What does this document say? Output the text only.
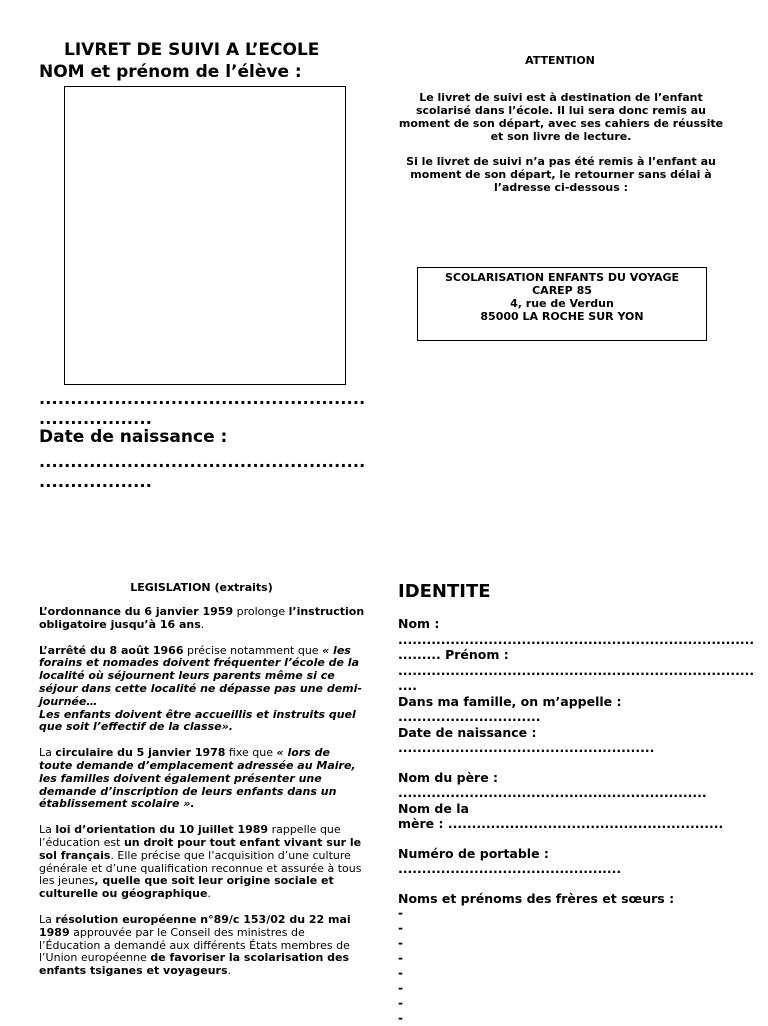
LIVRET DE SUIVI A L’ECOLE
NOM et prénom de l’élève :
....................................................
..................
Date de naissance :
....................................................
..................
ATTENTION
Le livret de suivi est à destination de l’enfant scolarisé dans l’école. Il lui sera donc remis au moment de son départ, avec ses cahiers de réussite et son livre de lecture.
Si le livret de suivi n’a pas été remis à l’enfant au moment de son départ, le retourner sans délai à l’adresse ci-dessous :
SCOLARISATION ENFANTS DU VOYAGE
CAREP 85
4, rue de Verdun
85000 LA ROCHE SUR YON
LEGISLATION (extraits)

L’ordonnance du 6 janvier 1959 prolonge l’instruction obligatoire jusqu’à 16 ans.

L’arrêté du 8 août 1966 précise notamment que « les forains et nomades doivent fréquenter l’école de la localité où séjournent leurs parents même si ce séjour dans cette localité ne dépasse pas une demi-journée…
Les enfants doivent être accueillis et instruits quel que soit l’effectif de la classe».

La circulaire du 5 janvier 1978 fixe que « lors de toute demande d’emplacement adressée au Maire, les familles doivent également présenter une demande d’inscription de leurs enfants dans un établissement scolaire ».

La loi d’orientation du 10 juillet 1989 rappelle que l’éducation est un droit pour tout enfant vivant sur le sol français. Elle précise que l’acquisition d’une culture générale et d’une qualification reconnue et assurée à tous les jeunes, quelle que soit leur origine sociale et culturelle ou géographique.

La résolution européenne n°89/c 153/02 du 22 mai 1989 approuvée par le Conseil des ministres de l’Éducation a demandé aux différents États membres de l’Union européenne de favoriser la scolarisation des enfants tsiganes et voyageurs.

IDENTITE
Nom :
...........................................................................
......... Prénom :
...........................................................................
....
Dans ma famille, on m’appelle :
..............................
Date de naissance :
......................................................
Nom du père :
.................................................................
Nom de la
mère : ..........................................................
Numéro de portable :
...............................................
Noms et prénoms des frères et sœurs :
-
-
-
-
-
-
-
-
